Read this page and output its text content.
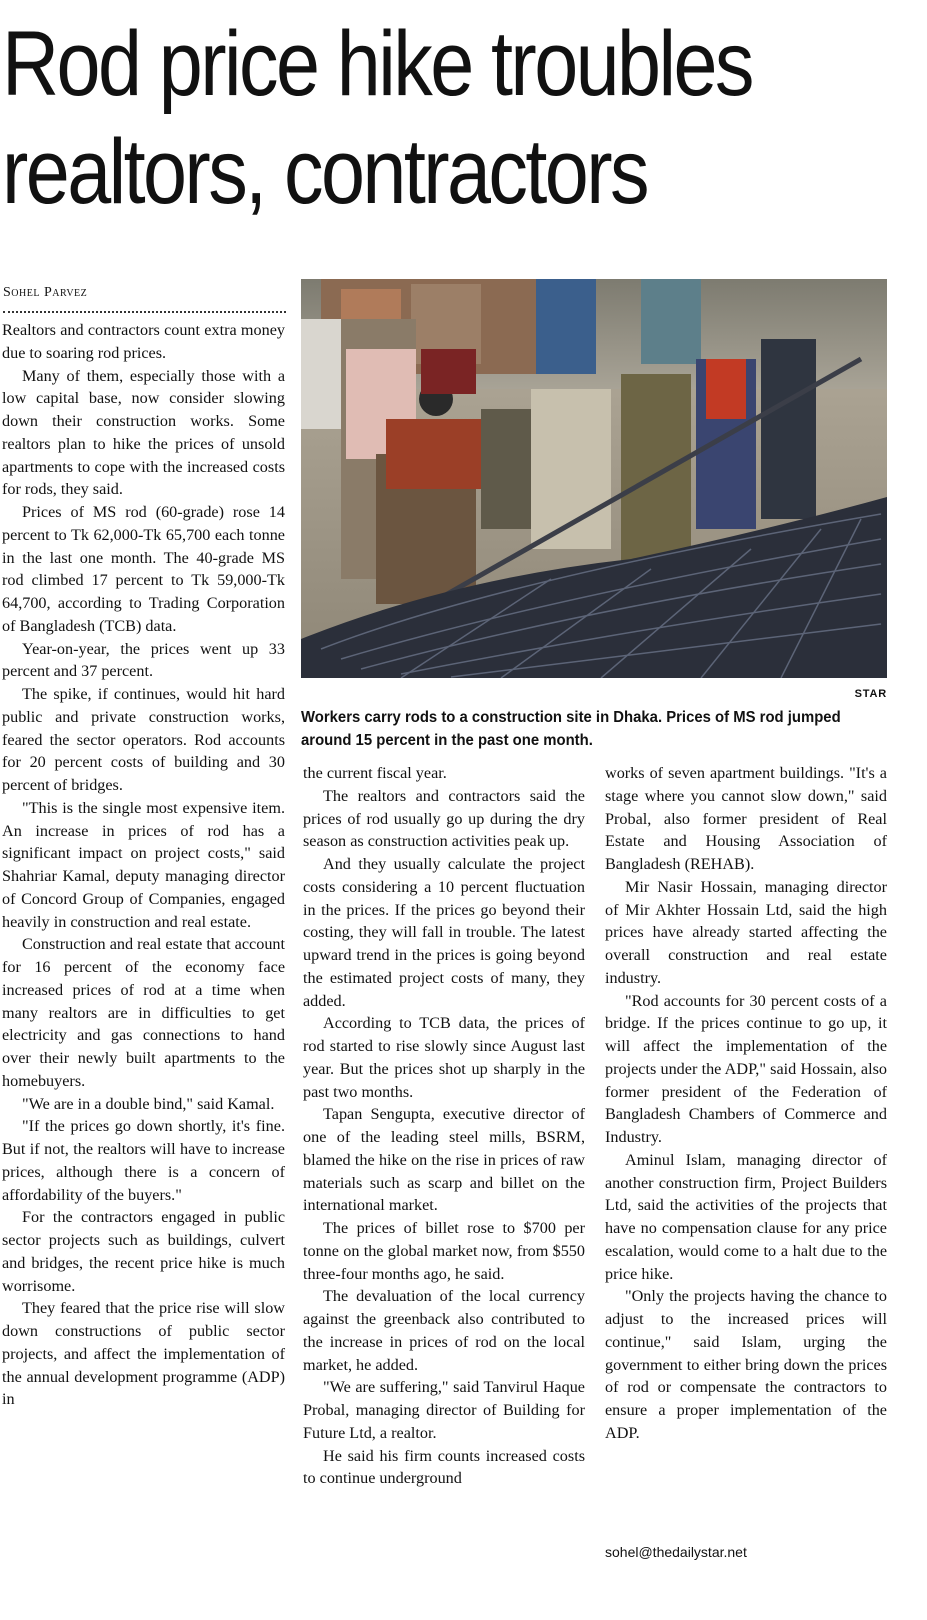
Rod price hike troubles realtors, contractors
Sohel Parvez
STAR
Workers carry rods to a construction site in Dhaka. Prices of MS rod jumped around 15 percent in the past one month.

Realtors and contractors count extra money due to soaring rod prices.

Many of them, especially those with a low capital base, now consider slowing down their construction works. Some realtors plan to hike the prices of unsold apartments to cope with the increased costs for rods, they said.

Prices of MS rod (60-grade) rose 14 percent to Tk 62,000-Tk 65,700 each tonne in the last one month. The 40-grade MS rod climbed 17 percent to Tk 59,000-Tk 64,700, according to Trading Corporation of Bangladesh (TCB) data.

Year-on-year, the prices went up 33 percent and 37 percent.

The spike, if continues, would hit hard public and private construction works, feared the sector operators. Rod accounts for 20 percent costs of building and 30 percent of bridges.

"This is the single most expensive item. An increase in prices of rod has a significant impact on project costs," said Shahriar Kamal, deputy managing director of Concord Group of Companies, engaged heavily in construction and real estate.

Construction and real estate that account for 16 percent of the economy face increased prices of rod at a time when many realtors are in difficulties to get electricity and gas connections to hand over their newly built apartments to the homebuyers.

"We are in a double bind," said Kamal.

"If the prices go down shortly, it's fine. But if not, the realtors will have to increase prices, although there is a concern of affordability of the buyers."

For the contractors engaged in public sector projects such as buildings, culvert and bridges, the recent price hike is much worrisome.

They feared that the price rise will slow down constructions of public sector projects, and affect the implementation of the annual development programme (ADP) in

the current fiscal year.

The realtors and contractors said the prices of rod usually go up during the dry season as construction activities peak up.

And they usually calculate the project costs considering a 10 percent fluctuation in the prices. If the prices go beyond their costing, they will fall in trouble. The latest upward trend in the prices is going beyond the estimated project costs of many, they added.

According to TCB data, the prices of rod started to rise slowly since August last year. But the prices shot up sharply in the past two months.

Tapan Sengupta, executive director of one of the leading steel mills, BSRM, blamed the hike on the rise in prices of raw materials such as scarp and billet on the international market.

The prices of billet rose to $700 per tonne on the global market now, from $550 three-four months ago, he said.

The devaluation of the local currency against the greenback also contributed to the increase in prices of rod on the local market, he added.

"We are suffering," said Tanvirul Haque Probal, managing director of Building for Future Ltd, a realtor.

He said his firm counts increased costs to continue underground

works of seven apartment buildings. "It's a stage where you cannot slow down," said Probal, also former president of Real Estate and Housing Association of Bangladesh (REHAB).

Mir Nasir Hossain, managing director of Mir Akhter Hossain Ltd, said the high prices have already started affecting the overall construction and real estate industry.

"Rod accounts for 30 percent costs of a bridge. If the prices continue to go up, it will affect the implementation of the projects under the ADP," said Hossain, also former president of the Federation of Bangladesh Chambers of Commerce and Industry.

Aminul Islam, managing director of another construction firm, Project Builders Ltd, said the activities of the projects that have no compensation clause for any price escalation, would come to a halt due to the price hike.

"Only the projects having the chance to adjust to the increased prices will continue," said Islam, urging the government to either bring down the prices of rod or compensate the contractors to ensure a proper implementation of the ADP.

sohel@thedailystar.net
